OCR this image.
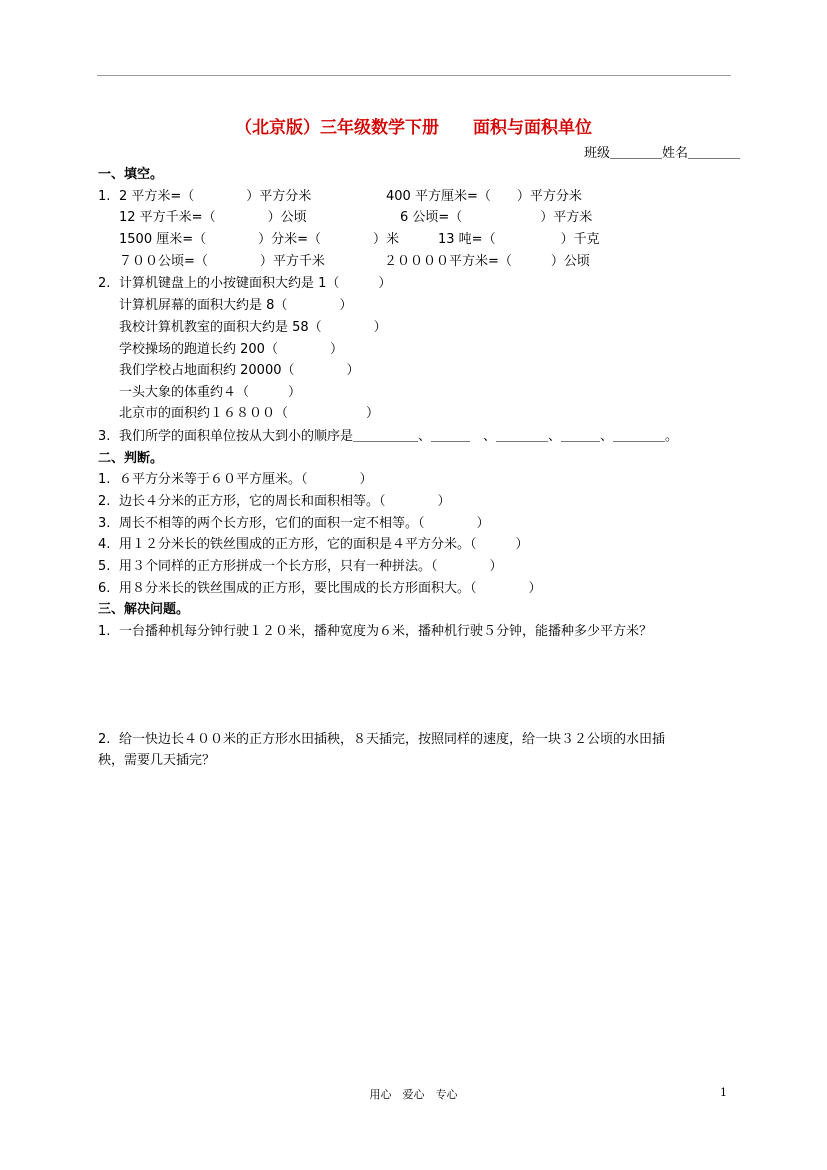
（北京版）三年级数学下册　　面积与面积单位
班级＿＿＿＿姓名＿＿＿＿
一、填空。
1. 2 平方米=（　　　　）平方分米	400 平方厘米=（　　）平方分米
12 平方千米=（　　　　）公顷	6 公顷=（　　　　　　）平方米
1500 厘米=（　　　　）分米=（　　　　）米	13 吨=（　　　　　）千克
７００公顷=（　　　　）平方千米	２００００平方米=（　　　）公顷
2. 计算机键盘上的小按键面积大约是 1（　　　）
计算机屏幕的面积大约是 8（　　　　）
我校计算机教室的面积大约是 58（　　　　）
学校操场的跑道长约 200（　　　　）
我们学校占地面积约 20000（　　　　）
一头大象的体重约４（　　　）
北京市的面积约１６８００（　　　　　　）
3. 我们所学的面积单位按从大到小的顺序是＿＿＿＿＿、＿＿＿　、＿＿＿＿、＿＿＿、＿＿＿＿。
二、判断。
1. ６平方分米等于６０平方厘米。（　　　　）
2. 边长４分米的正方形，它的周长和面积相等。（　　　　）
3. 周长不相等的两个长方形，它们的面积一定不相等。（　　　　）
4. 用１２分米长的铁丝围成的正方形，它的面积是４平方分米。（　　　）
5. 用３个同样的正方形拼成一个长方形，只有一种拼法。（　　　　）
6. 用８分米长的铁丝围成的正方形，要比围成的长方形面积大。（　　　　）
三、解决问题。
1. 一台播种机每分钟行驶１２０米，播种宽度为６米，播种机行驶５分钟，能播种多少平方米？
2. 给一快边长４００米的正方形水田插秧，８天插完，按照同样的速度，给一块３２公顷的水田插
秧，需要几天插完？
用心　爱心　专心	1
